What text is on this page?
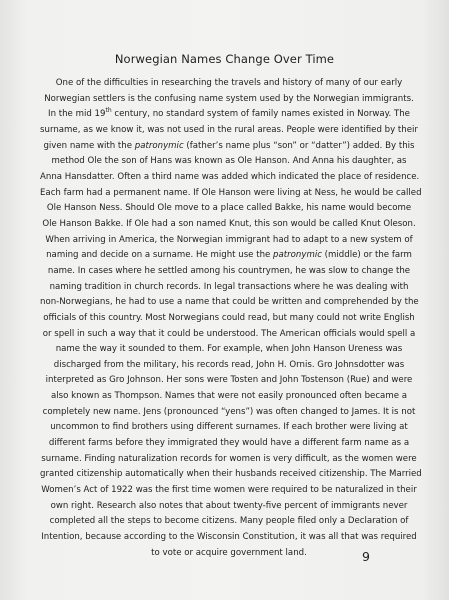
Norwegian Names Change Over Time
One of the difficulties in researching the travels and history of many of our early
Norwegian settlers is the confusing name system used by the Norwegian immigrants.
In the mid 19th century, no standard system of family names existed in Norway. The
surname, as we know it, was not used in the rural areas. People were identified by their
given name with the patronymic (father’s name plus “son” or “datter”) added. By this
method Ole the son of Hans was known as Ole Hanson. And Anna his daughter, as
Anna Hansdatter. Often a third name was added which indicated the place of residence.
Each farm had a permanent name. If Ole Hanson were living at Ness, he would be called
Ole Hanson Ness. Should Ole move to a place called Bakke, his name would become
Ole Hanson Bakke. If Ole had a son named Knut, this son would be called Knut Oleson.
When arriving in America, the Norwegian immigrant had to adapt to a new system of
naming and decide on a surname. He might use the patronymic (middle) or the farm
name. In cases where he settled among his countrymen, he was slow to change the
naming tradition in church records. In legal transactions where he was dealing with
non-Norwegians, he had to use a name that could be written and comprehended by the
officials of this country. Most Norwegians could read, but many could not write English
or spell in such a way that it could be understood. The American officials would spell a
name the way it sounded to them. For example, when John Hanson Ureness was
discharged from the military, his records read, John H. Ornis. Gro Johnsdotter was
interpreted as Gro Johnson. Her sons were Tosten and John Tostenson (Rue) and were
also known as Thompson. Names that were not easily pronounced often became a
completely new name. Jens (pronounced “yens”) was often changed to James. It is not
uncommon to find brothers using different surnames. If each brother were living at
different farms before they immigrated they would have a different farm name as a
surname. Finding naturalization records for women is very difficult, as the women were
granted citizenship automatically when their husbands received citizenship. The Married
Women’s Act of 1922 was the first time women were required to be naturalized in their
own right. Research also notes that about twenty-five percent of immigrants never
completed all the steps to become citizens. Many people filed only a Declaration of
Intention, because according to the Wisconsin Constitution, it was all that was required
to vote or acquire government land.	9
